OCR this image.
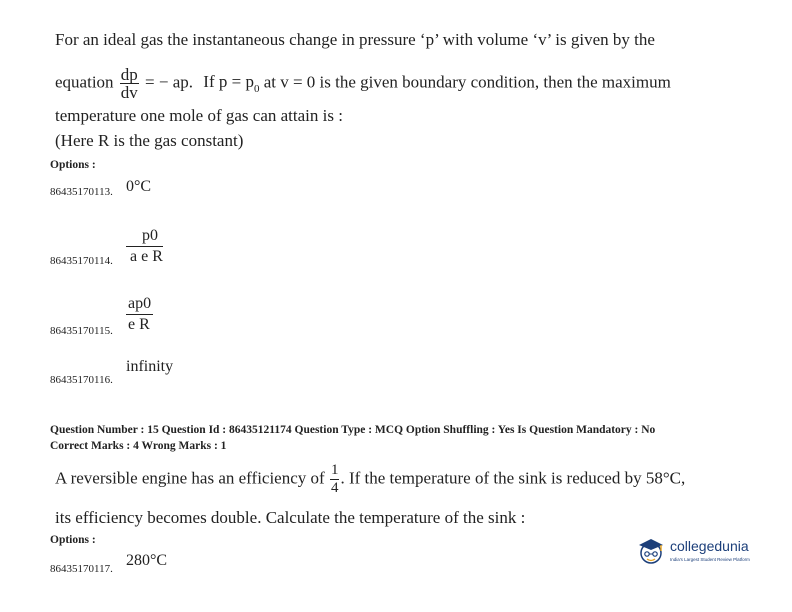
For an ideal gas the instantaneous change in pressure ‘p’ with volume ‘v’ is given by the
equation $\frac{dp}{dv}$ = − ap. If $p = p_0$ at v = 0 is the given boundary condition, then the maximum
temperature one mole of gas can attain is :
(Here R is the gas constant)
Options :
86435170113. 0°C
86435170114. $\frac{p0}{\text{a e R}}$
86435170115. $\frac{ap0}{\text{e R}}$
86435170116.
infinity
Question Number : 15 Question Id : 86435121174 Question Type : MCQ Option Shuffling : Yes Is Question Mandatory : No
Correct Marks : 4 Wrong Marks : 1
A reversible engine has an efficiency of $\frac{1}{4}$ . If the temperature of the sink is reduced by 58°C,
its efficiency becomes double. Calculate the temperature of the sink :
Options :
86435170117. 280°C
collegedunia
India's Largest Student Review Platform
